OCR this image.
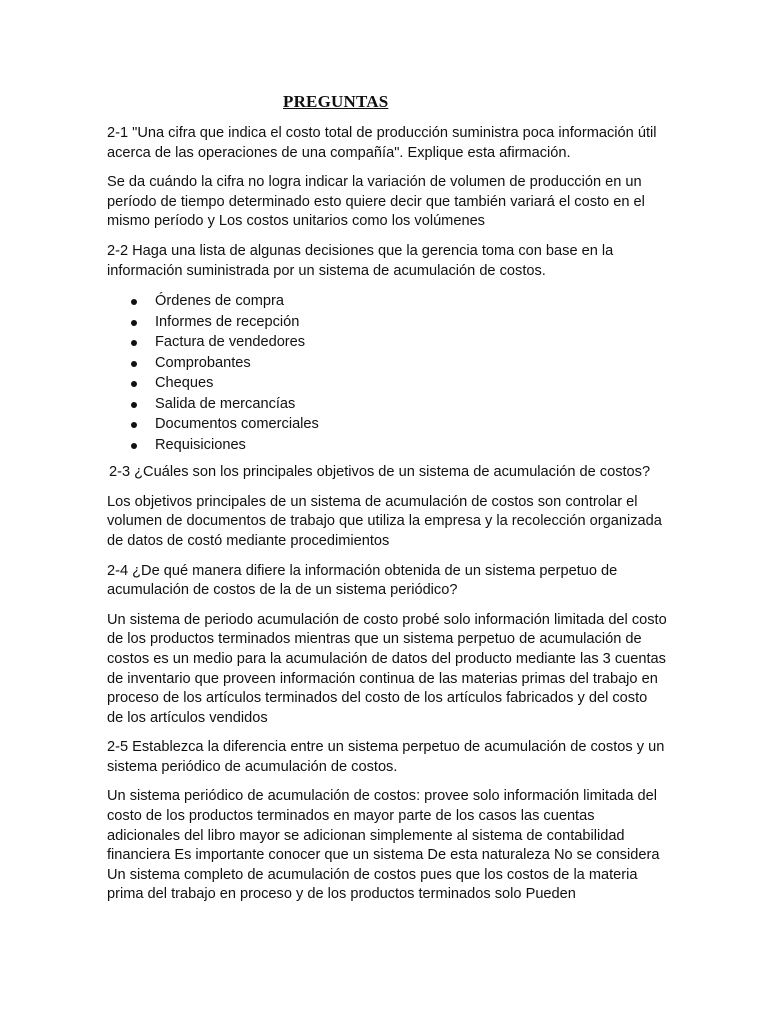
PREGUNTAS

2-1 "Una cifra que indica el costo total de producción suministra poca información útil acerca de las operaciones de una compañía". Explique esta afirmación.

Se da cuándo la cifra no logra indicar la variación de volumen de producción en un período de tiempo determinado esto quiere decir que también variará el costo en el mismo período y Los costos unitarios como los volúmenes

2-2 Haga una lista de algunas decisiones que la gerencia toma con base en la información suministrada por un sistema de acumulación de costos.

Órdenes de compra
Informes de recepción
Factura de vendedores
Comprobantes
Cheques
Salida de mercancías
Documentos comerciales
Requisiciones

2-3 ¿Cuáles son los principales objetivos de un sistema de acumulación de costos?

Los objetivos principales de un sistema de acumulación de costos son controlar el volumen de documentos de trabajo que utiliza la empresa y la recolección organizada de datos de costó mediante procedimientos

2-4 ¿De qué manera difiere la información obtenida de un sistema perpetuo de acumulación de costos de la de un sistema periódico?

Un sistema de periodo acumulación de costo probé solo información limitada del costo de los productos terminados mientras que un sistema perpetuo de acumulación de costos es un medio para la acumulación de datos del producto mediante las 3 cuentas de inventario que proveen información continua de las materias primas del trabajo en proceso de los artículos terminados del costo de los artículos fabricados y del costo de los artículos vendidos

2-5 Establezca la diferencia entre un sistema perpetuo de acumulación de costos y un sistema periódico de acumulación de costos.

Un sistema periódico de acumulación de costos: provee solo información limitada del costo de los productos terminados en mayor parte de los casos las cuentas adicionales del libro mayor se adicionan simplemente al sistema de contabilidad financiera Es importante conocer que un sistema De esta naturaleza No se considera Un sistema completo de acumulación de costos pues que los costos de la materia prima del trabajo en proceso y de los productos terminados solo Pueden
